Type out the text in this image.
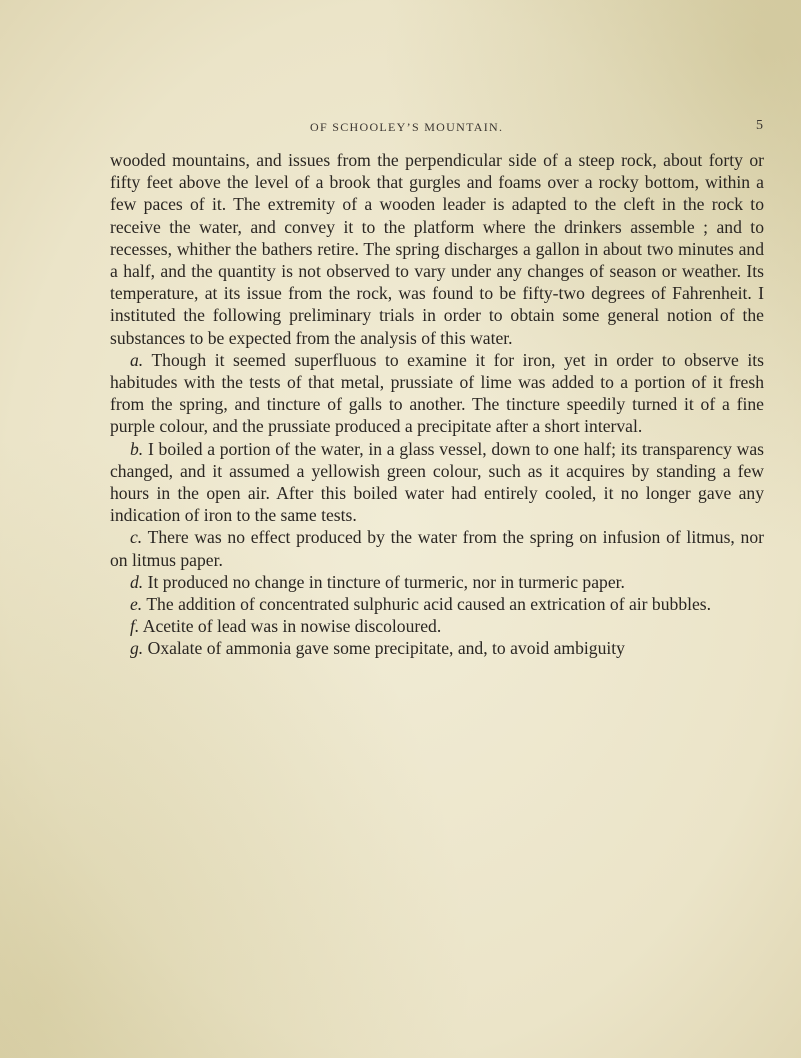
OF SCHOOLEY’S MOUNTAIN.	5

wooded mountains, and issues from the perpendicular side of a steep rock, about forty or fifty feet above the level of a brook that gurgles and foams over a rocky bottom, within a few paces of it. The extremity of a wooden leader is adapted to the cleft in the rock to receive the water, and convey it to the platform where the drinkers assemble ; and to recesses, whither the bathers retire. The spring discharges a gallon in about two minutes and a half, and the quantity is not observed to vary under any changes of season or weather. Its temperature, at its issue from the rock, was found to be fifty-two degrees of Fahrenheit. I instituted the following preliminary trials in order to obtain some general notion of the substances to be expected from the analysis of this water.

a. Though it seemed superfluous to examine it for iron, yet in order to observe its habitudes with the tests of that metal, prussiate of lime was added to a portion of it fresh from the spring, and tincture of galls to another. The tincture speedily turned it of a fine purple colour, and the prussiate produced a precipitate after a short interval.

b. I boiled a portion of the water, in a glass vessel, down to one half; its transparency was changed, and it assumed a yellowish green colour, such as it acquires by standing a few hours in the open air. After this boiled water had entirely cooled, it no longer gave any indication of iron to the same tests.

c. There was no effect produced by the water from the spring on infusion of litmus, nor on litmus paper.

d. It produced no change in tincture of turmeric, nor in turmeric paper.

e. The addition of concentrated sulphuric acid caused an extrication of air bubbles.

f. Acetite of lead was in nowise discoloured.

g. Oxalate of ammonia gave some precipitate, and, to avoid ambiguity
